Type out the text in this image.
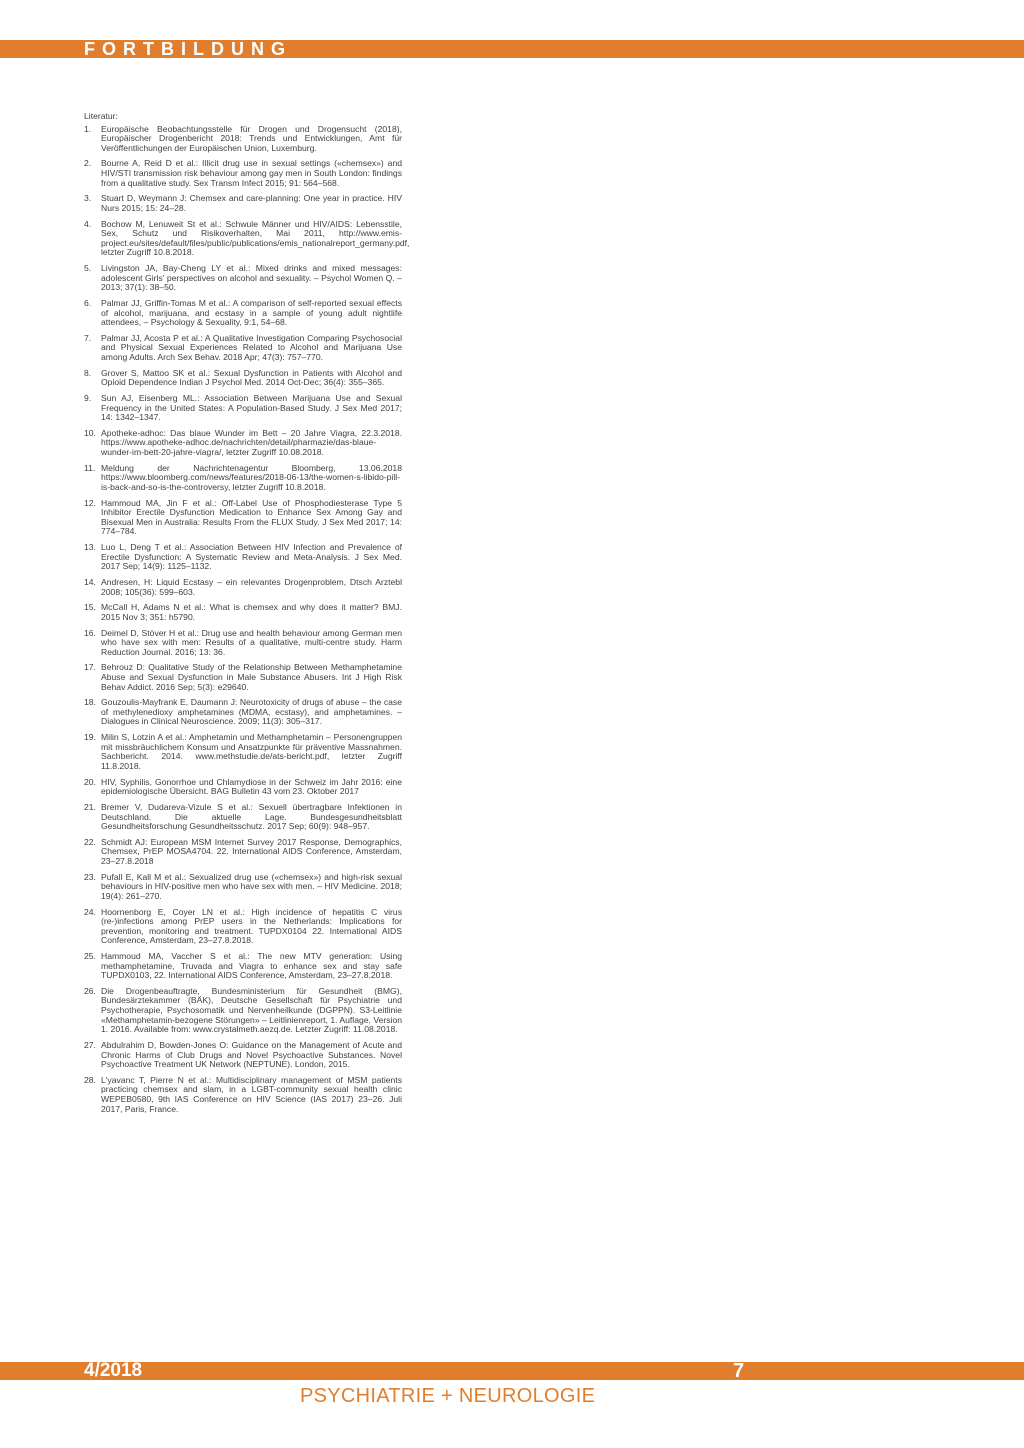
FORTBILDUNG
Literatur:
1. Europäische Beobachtungsstelle für Drogen und Drogensucht (2018), Europäischer Drogenbericht 2018: Trends und Entwicklungen, Amt für Veröffentlichungen der Europäischen Union, Luxemburg.
2. Bourne A, Reid D et al.: Illicit drug use in sexual settings («chemsex») and HIV/STI transmission risk behaviour among gay men in South London: findings from a qualitative study. Sex Transm Infect 2015; 91: 564–568.
3. Stuart D, Weymann J: Chemsex and care-planning: One year in practice. HIV Nurs 2015; 15: 24–28.
4. Bochow M, Lenuweit St et al.: Schwule Männer und HIV/AIDS: Lebensstile, Sex, Schutz und Risikoverhalten, Mai 2011, http://www.emis-project.eu/sites/default/files/public/publications/emis_nationalreport_germany.pdf, letzter Zugriff 10.8.2018.
5. Livingston JA, Bay-Cheng LY et al.: Mixed drinks and mixed messages: adolescent Girls' perspectives on alcohol and sexuality. – Psychol Women Q. – 2013; 37(1): 38–50.
6. Palmar JJ, Griffin-Tomas M et al.: A comparison of self-reported sexual effects of alcohol, marijuana, and ecstasy in a sample of young adult nightlife attendees, – Psychology & Sexuality, 9:1, 54–68.
7. Palmar JJ, Acosta P et al.: A Qualitative Investigation Comparing Psychosocial and Physical Sexual Experiences Related to Alcohol and Marijuana Use among Adults. Arch Sex Behav. 2018 Apr; 47(3): 757–770.
8. Grover S, Mattoo SK et al.: Sexual Dysfunction in Patients with Alcohol and Opioid Dependence Indian J Psychol Med. 2014 Oct-Dec; 36(4): 355–365.
9. Sun AJ, Eisenberg ML.: Association Between Marijuana Use and Sexual Frequency in the United States: A Population-Based Study. J Sex Med 2017; 14: 1342–1347.
10. Apotheke-adhoc: Das blaue Wunder im Bett – 20 Jahre Viagra, 22.3.2018. https://www.apotheke-adhoc.de/nachrichten/detail/pharmazie/das-blaue-wunder-im-bett-20-jahre-viagra/, letzter Zugriff 10.08.2018.
11. Meldung der Nachrichtenagentur Bloomberg, 13.06.2018 https://www.bloomberg.com/news/features/2018-06-13/the-women-s-libido-pill-is-back-and-so-is-the-controversy, letzter Zugriff 10.8.2018.
12. Hammoud MA, Jin F et al.: Off-Label Use of Phosphodiesterase Type 5 Inhibitor Erectile Dysfunction Medication to Enhance Sex Among Gay and Bisexual Men in Australia: Results From the FLUX Study. J Sex Med 2017; 14: 774–784.
13. Luo L, Deng T et al.: Association Between HIV Infection and Prevalence of Erectile Dysfunction: A Systematic Review and Meta-Analysis. J Sex Med. 2017 Sep; 14(9): 1125–1132.
14. Andresen, H: Liquid Ecstasy – ein relevantes Drogenproblem, Dtsch Arztebl 2008; 105(36): 599–603.
15. McCall H, Adams N et al.: What is chemsex and why does it matter? BMJ. 2015 Nov 3; 351: h5790.
16. Deimel D, Stöver H et al.: Drug use and health behaviour among German men who have sex with men: Results of a qualitative, multi-centre study. Harm Reduction Journal. 2016; 13: 36.
17. Behrouz D: Qualitative Study of the Relationship Between Methamphetamine Abuse and Sexual Dysfunction in Male Substance Abusers. Int J High Risk Behav Addict. 2016 Sep; 5(3): e29640.
18. Gouzoulis-Mayfrank E, Daumann J: Neurotoxicity of drugs of abuse – the case of methylenedioxy amphetamines (MDMA, ecstasy), and amphetamines. – Dialogues in Clinical Neuroscience. 2009; 11(3): 305–317.
19. Milin S, Lotzin A et al.: Amphetamin und Methamphetamin – Personengruppen mit missbräuchlichem Konsum und Ansatzpunkte für präventive Massnahmen. Sachbericht. 2014. www.methstudie.de/ats-bericht.pdf, letzter Zugriff 11.8.2018.
20. HIV, Syphilis, Gonorrhoe und Chlamydiose in der Schweiz im Jahr 2016: eine epidemiologische Übersicht. BAG Bulletin 43 vom 23. Oktober 2017
21. Bremer V, Dudareva-Vizule S et al.: Sexuell übertragbare Infektionen in Deutschland. Die aktuelle Lage. Bundesgesundheitsblatt Gesundheitsforschung Gesundheitsschutz. 2017 Sep; 60(9): 948–957.
22. Schmidt AJ: European MSM Internet Survey 2017 Response, Demographics, Chemsex, PrEP MOSA4704. 22. International AIDS Conference, Amsterdam, 23–27.8.2018
23. Pufall E, Kall M et al.: Sexualized drug use («chemsex») and high-risk sexual behaviours in HIV-positive men who have sex with men. – HIV Medicine. 2018; 19(4): 261–270.
24. Hoornenborg E, Coyer LN et al.: High incidence of hepatitis C virus (re-)infections among PrEP users in the Netherlands: Implications for prevention, monitoring and treatment. TUPDX0104 22. International AIDS Conference, Amsterdam, 23–27.8.2018.
25. Hammoud MA, Vaccher S et al.: The new MTV generation: Using methamphetamine, Truvada and Viagra to enhance sex and stay safe TUPDX0103, 22. International AIDS Conference, Amsterdam, 23–27.8.2018.
26. Die Drogenbeauftragte, Bundesministerium für Gesundheit (BMG), Bundesärztekammer (BÄK), Deutsche Gesellschaft für Psychiatrie und Psychotherapie, Psychosomatik und Nervenheilkunde (DGPPN). S3-Leitlinie «Methamphetamin-bezogene Störungen» – Leitlinienreport, 1. Auflage. Version 1. 2016. Available from: www.crystalmeth.aezq.de. Letzter Zugriff: 11.08.2018.
27. Abdulrahim D, Bowden-Jones O: Guidance on the Management of Acute and Chronic Harms of Club Drugs and Novel Psychoactive Substances. Novel Psychoactive Treatment UK Network (NEPTUNE). London, 2015.
28. L'yavanc T, Pierre N et al.: Multidisciplinary management of MSM patients practicing chemsex and slam, in a LGBT-community sexual health clinic WEPEB0580, 9th IAS Conference on HIV Science (IAS 2017) 23–26. Juli 2017, Paris, France.
4/2018	7
PSYCHIATRIE + NEUROLOGIE
